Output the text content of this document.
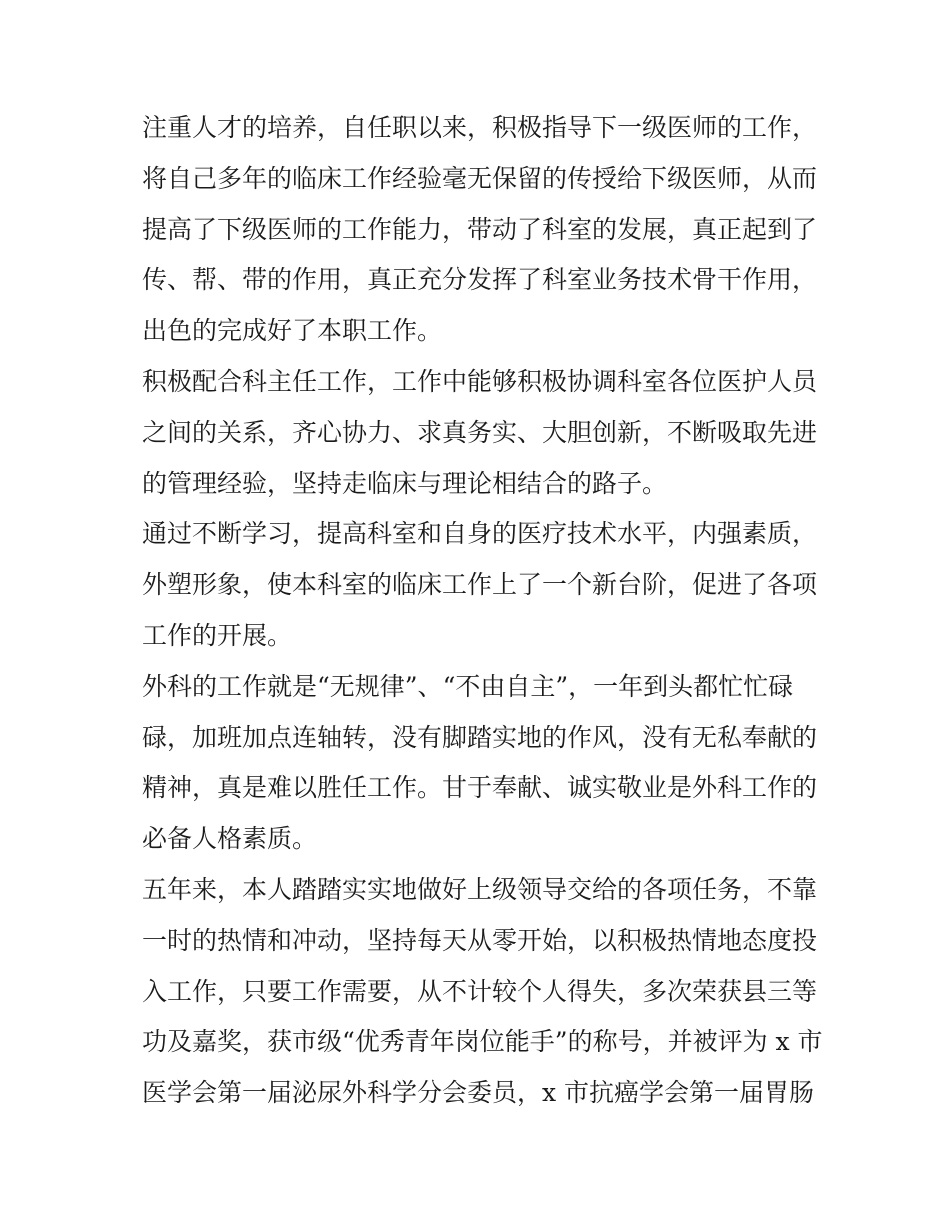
注重人才的培养，自任职以来，积极指导下一级医师的工作，
将自己多年的临床工作经验毫无保留的传授给下级医师，从而
提高了下级医师的工作能力，带动了科室的发展，真正起到了
传、帮、带的作用，真正充分发挥了科室业务技术骨干作用，
出色的完成好了本职工作。
积极配合科主任工作，工作中能够积极协调科室各位医护人员
之间的关系，齐心协力、求真务实、大胆创新，不断吸取先进
的管理经验，坚持走临床与理论相结合的路子。
通过不断学习，提高科室和自身的医疗技术水平，内强素质，
外塑形象，使本科室的临床工作上了一个新台阶，促进了各项
工作的开展。
外科的工作就是“无规律”、“不由自主”，一年到头都忙忙碌
碌，加班加点连轴转，没有脚踏实地的作风，没有无私奉献的
精神，真是难以胜任工作。甘于奉献、诚实敬业是外科工作的
必备人格素质。
五年来，本人踏踏实实地做好上级领导交给的各项任务，不靠
一时的热情和冲动，坚持每天从零开始，以积极热情地态度投
入工作，只要工作需要，从不计较个人得失，多次荣获县三等
功及嘉奖，获市级“优秀青年岗位能手”的称号，并被评为 x 市
医学会第一届泌尿外科学分会委员，x 市抗癌学会第一届胃肠
